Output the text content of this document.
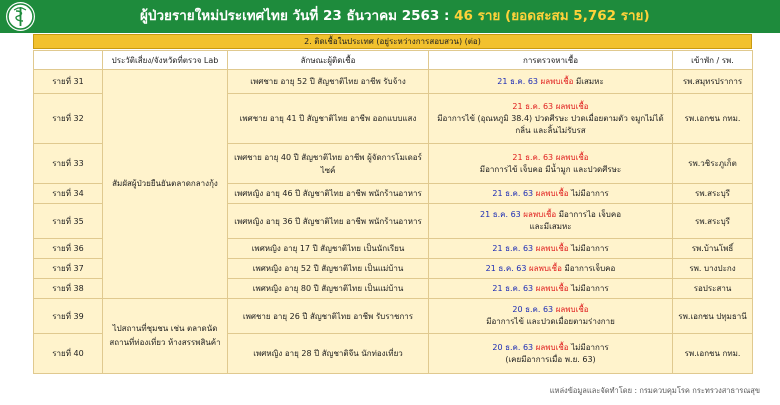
ผู้ป่วยรายใหม่ประเทศไทย วันที่ 23 ธันวาคม 2563 : 46 ราย (ยอดสะสม 5,762 ราย)
2. ติดเชื้อในประเทศ (อยู่ระหว่างการสอบสวน) (ต่อ)
	ประวัติเสี่ยง/จังหวัดที่ตรวจ Lab	ลักษณะผู้ติดเชื้อ	การตรวจหาเชื้อ	เข้าพัก / รพ.
รายที่ 31	สัมผัสผู้ป่วยยืนยันตลาดกลางกุ้ง	เพศชาย อายุ 52 ปี สัญชาติไทย อาชีพ รับจ้าง	21 ธ.ค. 63 ผลพบเชื้อ มีเสมหะ	รพ.สมุทรปราการ
รายที่ 32		เพศชาย อายุ 41 ปี สัญชาติไทย อาชีพ ออกแบบแสง	21 ธ.ค. 63 ผลพบเชื้อ
มีอาการไข้ (อุณหภูมิ 38.4) ปวดศีรษะ ปวดเมื่อยตามตัว จมูกไม่ได้กลิ่น และลิ้นไม่รับรส	รพ.เอกชน กทม.
รายที่ 33		เพศชาย อายุ 40 ปี สัญชาติไทย อาชีพ ผู้จัดการโมเดอร์ไซค์	21 ธ.ค. 63 ผลพบเชื้อ
มีอาการไข้ เจ็บคอ มีน้ำมูก และปวดศีรษะ	รพ.วชิระภูเก็ต
รายที่ 34		เพศหญิง อายุ 46 ปี สัญชาติไทย อาชีพ พนักร้านอาหาร	21 ธ.ค. 63 ผลพบเชื้อ ไม่มีอาการ	รพ.สระบุรี
รายที่ 35		เพศหญิง อายุ 36 ปี สัญชาติไทย อาชีพ พนักร้านอาหาร	21 ธ.ค. 63 ผลพบเชื้อ มีอาการไอ เจ็บคอ
และมีเสมหะ	รพ.สระบุรี
รายที่ 36		เพศหญิง อายุ 17 ปี สัญชาติไทย เป็นนักเรียน	21 ธ.ค. 63 ผลพบเชื้อ ไม่มีอาการ	รพ.บ้านโพธิ์
รายที่ 37		เพศหญิง อายุ 52 ปี สัญชาติไทย เป็นแม่บ้าน	21 ธ.ค. 63 ผลพบเชื้อ มีอาการเจ็บคอ	รพ. บางปะกง
รายที่ 38		เพศหญิง อายุ 80 ปี สัญชาติไทย เป็นแม่บ้าน	21 ธ.ค. 63 ผลพบเชื้อ ไม่มีอาการ	รอประสาน
รายที่ 39	ไปสถานที่ชุมชน เช่น ตลาดนัด
สถานที่ท่องเที่ยว ห้างสรรพสินค้า	เพศชาย อายุ 26 ปี สัญชาติไทย อาชีพ รับราชการ	20 ธ.ค. 63 ผลพบเชื้อ
มีอาการไข้ และปวดเมื่อยตามร่างกาย	รพ.เอกชน ปทุมธานี
รายที่ 40		เพศหญิง อายุ 28 ปี สัญชาติจีน นักท่องเที่ยว	20 ธ.ค. 63 ผลพบเชื้อ ไม่มีอาการ
(เคยมีอาการเมื่อ พ.ย. 63)	รพ.เอกชน กทม.
แหล่งข้อมูลและจัดทำโดย : กรมควบคุมโรค กระทรวงสาธารณสุข
